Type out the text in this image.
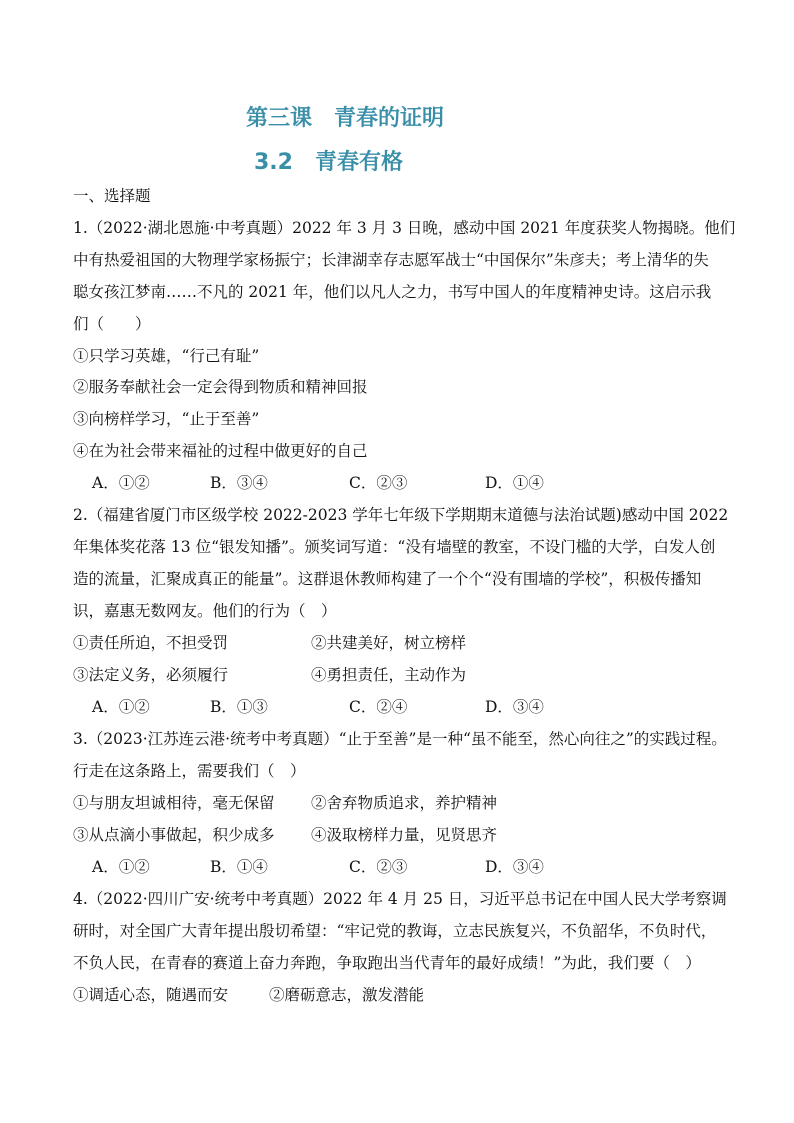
第三课　青春的证明
3.2　青春有格
一、选择题
1.（2022·湖北恩施·中考真题）2022 年 3 月 3 日晚，感动中国 2021 年度获奖人物揭晓。他们
中有热爱祖国的大物理学家杨振宁；长津湖幸存志愿军战士“中国保尔”朱彦夫；考上清华的失
聪女孩江梦南……不凡的 2021 年，他们以凡人之力，书写中国人的年度精神史诗。这启示我
们（　　）
①只学习英雄，“行己有耻”
②服务奉献社会一定会得到物质和精神回报
③向榜样学习，“止于至善”
④在为社会带来福祉的过程中做更好的自己
A．①②	B．③④	C．②③	D．①④
2.（福建省厦门市区级学校 2022-2023 学年七年级下学期期末道德与法治试题)感动中国 2022
年集体奖花落 13 位“银发知播”。颁奖词写道：“没有墙壁的教室，不设门槛的大学，白发人创
造的流量，汇聚成真正的能量”。这群退休教师构建了一个个“没有围墙的学校”，积极传播知
识，嘉惠无数网友。他们的行为（　）
①责任所迫，不担受罚	②共建美好，树立榜样
③法定义务，必须履行	④勇担责任，主动作为
A．①②	B．①③	C．②④	D．③④
3.（2023·江苏连云港·统考中考真题）“止于至善”是一种“虽不能至，然心向往之”的实践过程。
行走在这条路上，需要我们（　）
①与朋友坦诚相待，毫无保留 ②舍弃物质追求，养护精神
③从点滴小事做起，积少成多 ④汲取榜样力量，见贤思齐
A．①②	B．①④	C．②③	D．③④
4.（2022·四川广安·统考中考真题）2022 年 4 月 25 日，习近平总书记在中国人民大学考察调
研时，对全国广大青年提出殷切希望：“牢记党的教诲，立志民族复兴，不负韶华，不负时代，
不负人民，在青春的赛道上奋力奔跑，争取跑出当代青年的最好成绩！”为此，我们要（　）
①调适心态，随遇而安	②磨砺意志，激发潜能
